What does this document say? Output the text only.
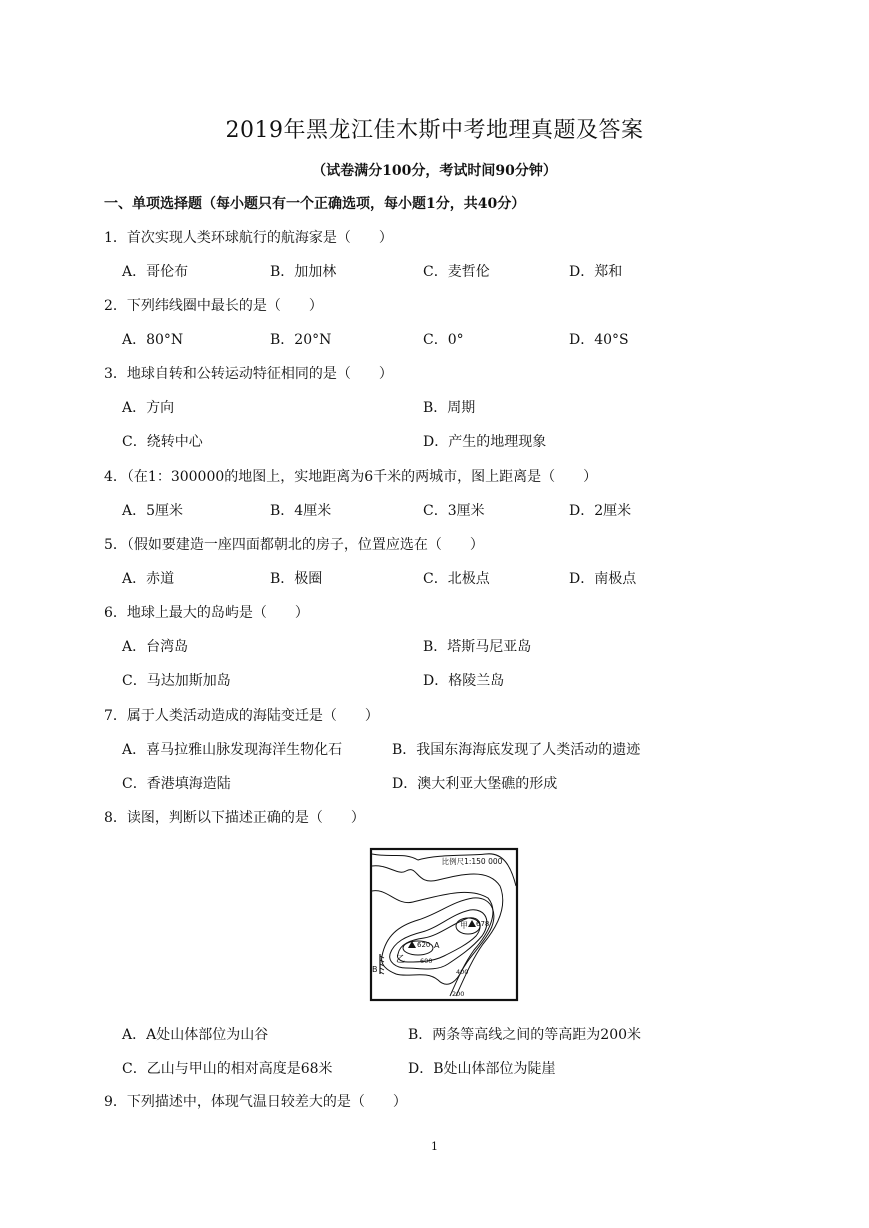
2019年黑龙江佳木斯中考地理真题及答案
（试卷满分100分，考试时间90分钟）
一、单项选择题（每小题只有一个正确选项，每小题1分，共40分）
1．首次实现人类环球航行的航海家是（　　）
A．哥伦布	B．加加林	C．麦哲伦	D．郑和
2．下列纬线圈中最长的是（　　）
A．80°N	B．20°N	C．0°	D．40°S
3．地球自转和公转运动特征相同的是（　　）
A．方向	B．周期
C．绕转中心	D．产生的地理现象
4．（在1：300000的地图上，实地距离为6千米的两城市，图上距离是（　　）
A．5厘米	B．4厘米	C．3厘米	D．2厘米
5．（假如要建造一座四面都朝北的房子，位置应选在（　　）
A．赤道	B．极圈	C．北极点	D．南极点
6．地球上最大的岛屿是（　　）
A．台湾岛	B．塔斯马尼亚岛
C．马达加斯加岛	D．格陵兰岛
7．属于人类活动造成的海陆变迁是（　　）
A．喜马拉雅山脉发现海洋生物化石	B．我国东海海底发现了人类活动的遗迹
C．香港填海造陆	D．澳大利亚大堡礁的形成
8．读图，判断以下描述正确的是（　　）
比例尺1:150 000
甲 678
620 A
乙 600
400
200
B
A．A处山体部位为山谷	B．两条等高线之间的等高距为200米
C．乙山与甲山的相对高度是68米	D．B处山体部位为陡崖
9．下列描述中，体现气温日较差大的是（　　）
1
